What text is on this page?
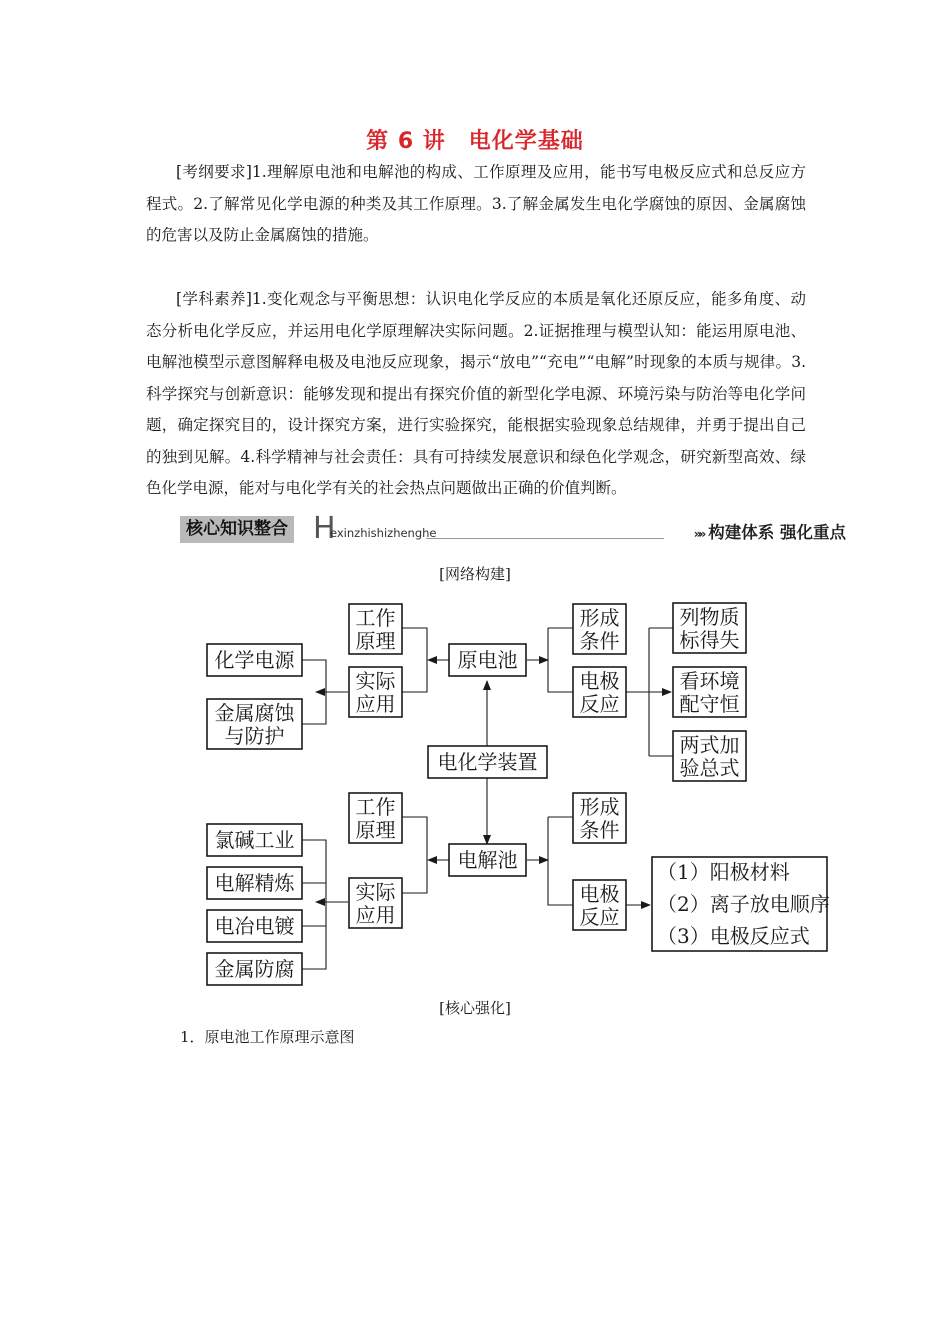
第 6 讲　电化学基础

[考纲要求]1.理解原电池和电解池的构成、工作原理及应用，能书写电极反应式和总反应方程式。2.了解常见化学电源的种类及其工作原理。3.了解金属发生电化学腐蚀的原因、金属腐蚀的危害以及防止金属腐蚀的措施。

[学科素养]1.变化观念与平衡思想：认识电化学反应的本质是氧化还原反应，能多角度、动态分析电化学反应，并运用电化学原理解决实际问题。2.证据推理与模型认知：能运用原电池、电解池模型示意图解释电极及电池反应现象，揭示“放电”“充电”“电解”时现象的本质与规律。3.科学探究与创新意识：能够发现和提出有探究价值的新型化学电源、环境污染与防治等电化学问题，确定探究目的，设计探究方案，进行实验探究，能根据实验现象总结规律，并勇于提出自己的独到见解。4.科学精神与社会责任：具有可持续发展意识和绿色化学观念，研究新型高效、绿色化学电源，能对与电化学有关的社会热点问题做出正确的价值判断。

核心知识整合 H
exinzhishizhenghe	»» 构建体系 强化重点
[网络构建]
电化学装置
原电池
工作
原理
实际
应用
化学电源
金属腐蚀
与防护
形成
条件
电极
反应
列物质
标得失
看环境
配守恒
两式加
验总式
电解池
工作
原理
实际
应用
氯碱工业
电解精炼
电冶电镀
金属防腐
形成
条件
电极
反应
（1）阳极材料
（2）离子放电顺序
（3）电极反应式
[核心强化]
1．原电池工作原理示意图
